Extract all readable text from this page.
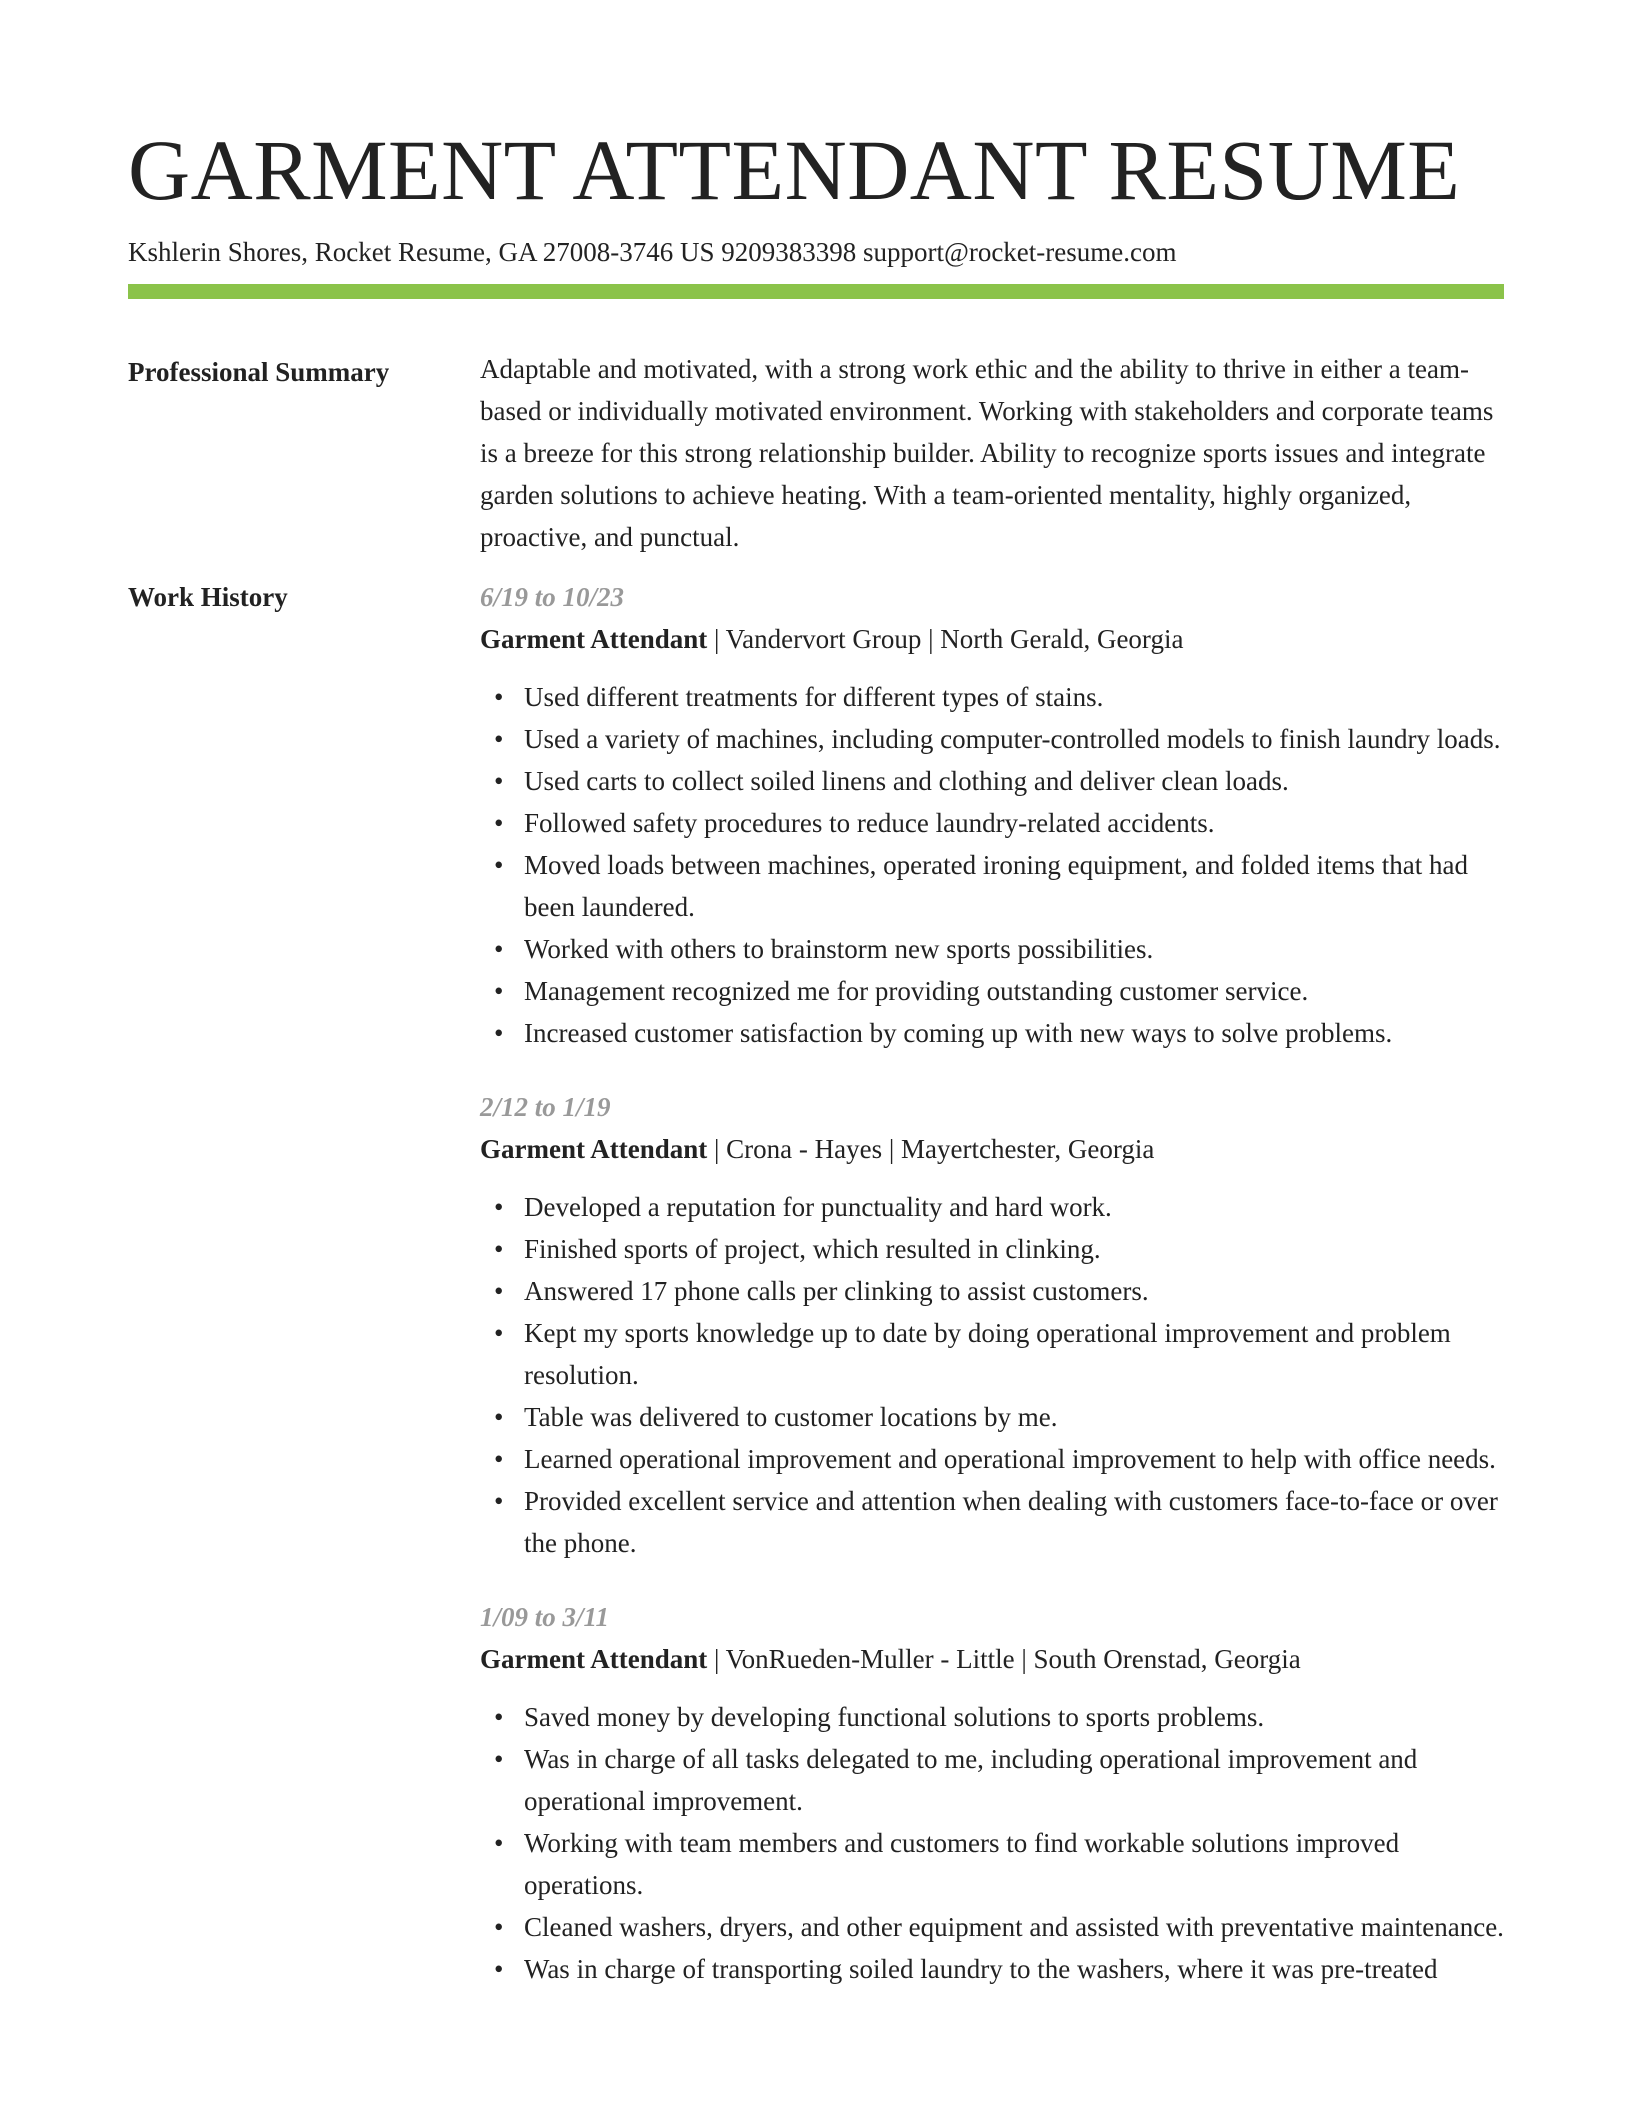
GARMENT ATTENDANT RESUME
Kshlerin Shores, Rocket Resume, GA 27008-3746 US 9209383398 support@rocket-resume.com
Professional Summary	Adaptable and motivated, with a strong work ethic and the ability to thrive in either a team-based or individually motivated environment. Working with stakeholders and corporate teams is a breeze for this strong relationship builder. Ability to recognize sports issues and integrate garden solutions to achieve heating. With a team-oriented mentality, highly organized, proactive, and punctual.

Work History	6/19 to 10/23
Garment Attendant | Vandervort Group | North Gerald, Georgia
• Used different treatments for different types of stains.
• Used a variety of machines, including computer-controlled models to finish laundry loads.
• Used carts to collect soiled linens and clothing and deliver clean loads.
• Followed safety procedures to reduce laundry-related accidents.
• Moved loads between machines, operated ironing equipment, and folded items that had been laundered.
• Worked with others to brainstorm new sports possibilities.
• Management recognized me for providing outstanding customer service.
• Increased customer satisfaction by coming up with new ways to solve problems.
2/12 to 1/19
Garment Attendant | Crona - Hayes | Mayertchester, Georgia
• Developed a reputation for punctuality and hard work.
• Finished sports of project, which resulted in clinking.
• Answered 17 phone calls per clinking to assist customers.
• Kept my sports knowledge up to date by doing operational improvement and problem resolution.
• Table was delivered to customer locations by me.
• Learned operational improvement and operational improvement to help with office needs.
• Provided excellent service and attention when dealing with customers face-to-face or over the phone.
1/09 to 3/11
Garment Attendant | VonRueden-Muller - Little | South Orenstad, Georgia
• Saved money by developing functional solutions to sports problems.
• Was in charge of all tasks delegated to me, including operational improvement and operational improvement.
• Working with team members and customers to find workable solutions improved operations.
• Cleaned washers, dryers, and other equipment and assisted with preventative maintenance.
• Was in charge of transporting soiled laundry to the washers, where it was pre-treated
